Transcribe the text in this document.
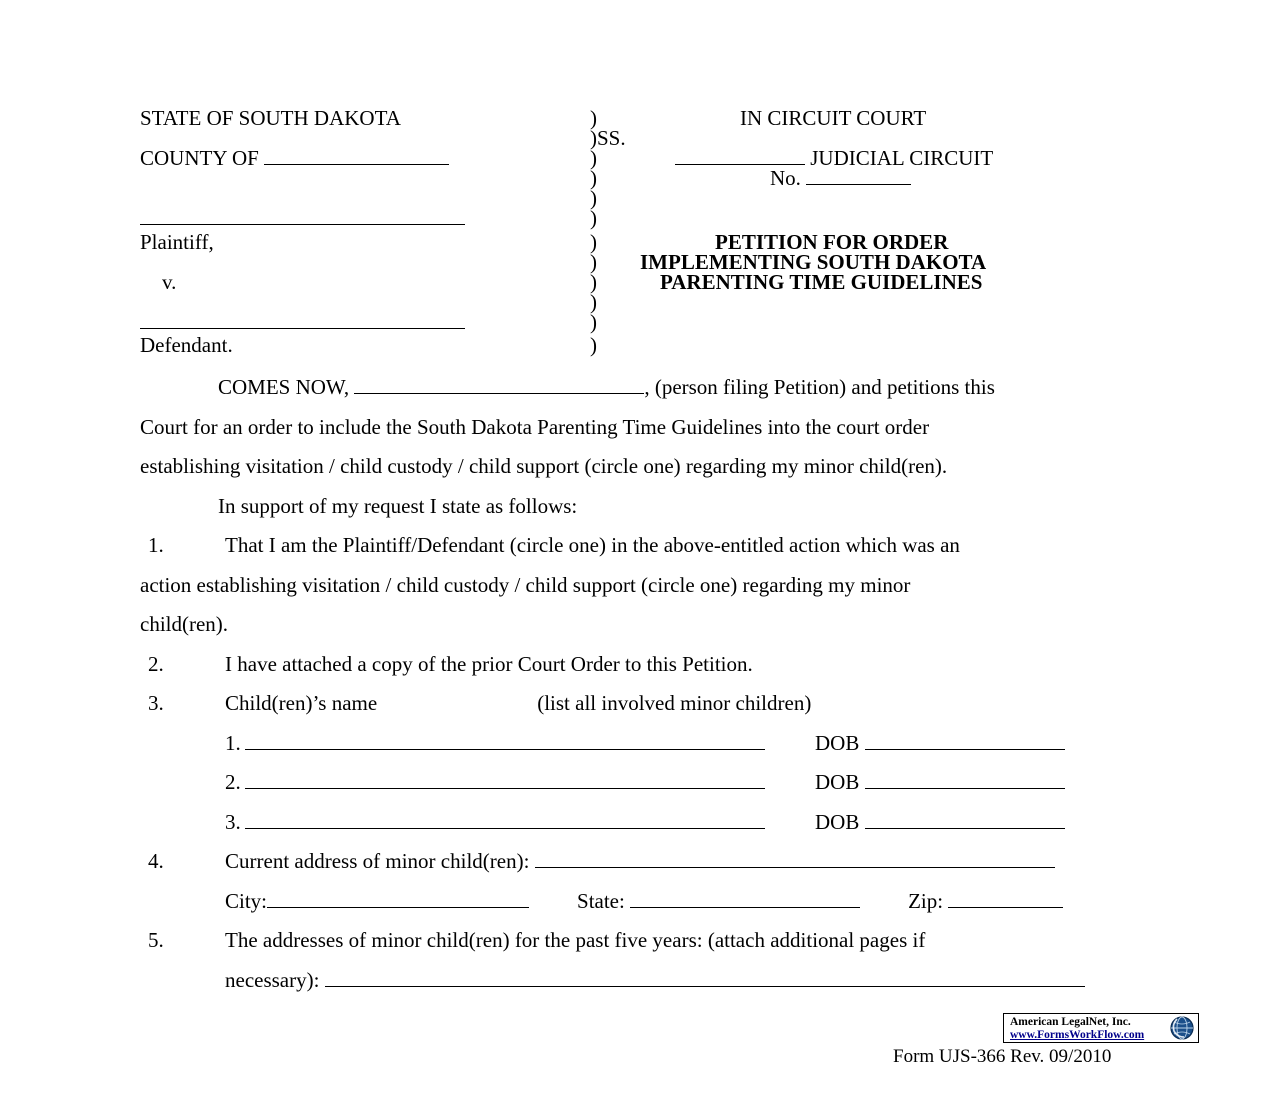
STATE OF SOUTH DAKOTA	)	IN CIRCUIT COURT
)SS.
COUNTY OF	)	JUDICIAL CIRCUIT
)	No.
)
)
Plaintiff,	)	PETITION FOR ORDER
) IMPLEMENTING SOUTH DAKOTA
v.	)	PARENTING TIME GUIDELINES
)
)
Defendant.	)
COMES NOW,	, (person filing Petition) and petitions this
Court for an order to include the South Dakota Parenting Time Guidelines into the court order
establishing visitation / child custody / child support (circle one) regarding my minor child(ren).
In support of my request I state as follows:
1.	That I am the Plaintiff/Defendant (circle one) in the above-entitled action which was an
action establishing visitation / child custody / child support (circle one) regarding my minor
child(ren).
2.	I have attached a copy of the prior Court Order to this Petition.
3.	Child(ren)’s name	(list all involved minor children)
1.	DOB
2.	DOB
3.	DOB
4.	Current address of minor child(ren):
City:	State:	Zip:
5.	The addresses of minor child(ren) for the past five years: (attach additional pages if
necessary):
American LegalNet, Inc.
www.FormsWorkFlow.com
Form UJS-366 Rev. 09/2010
